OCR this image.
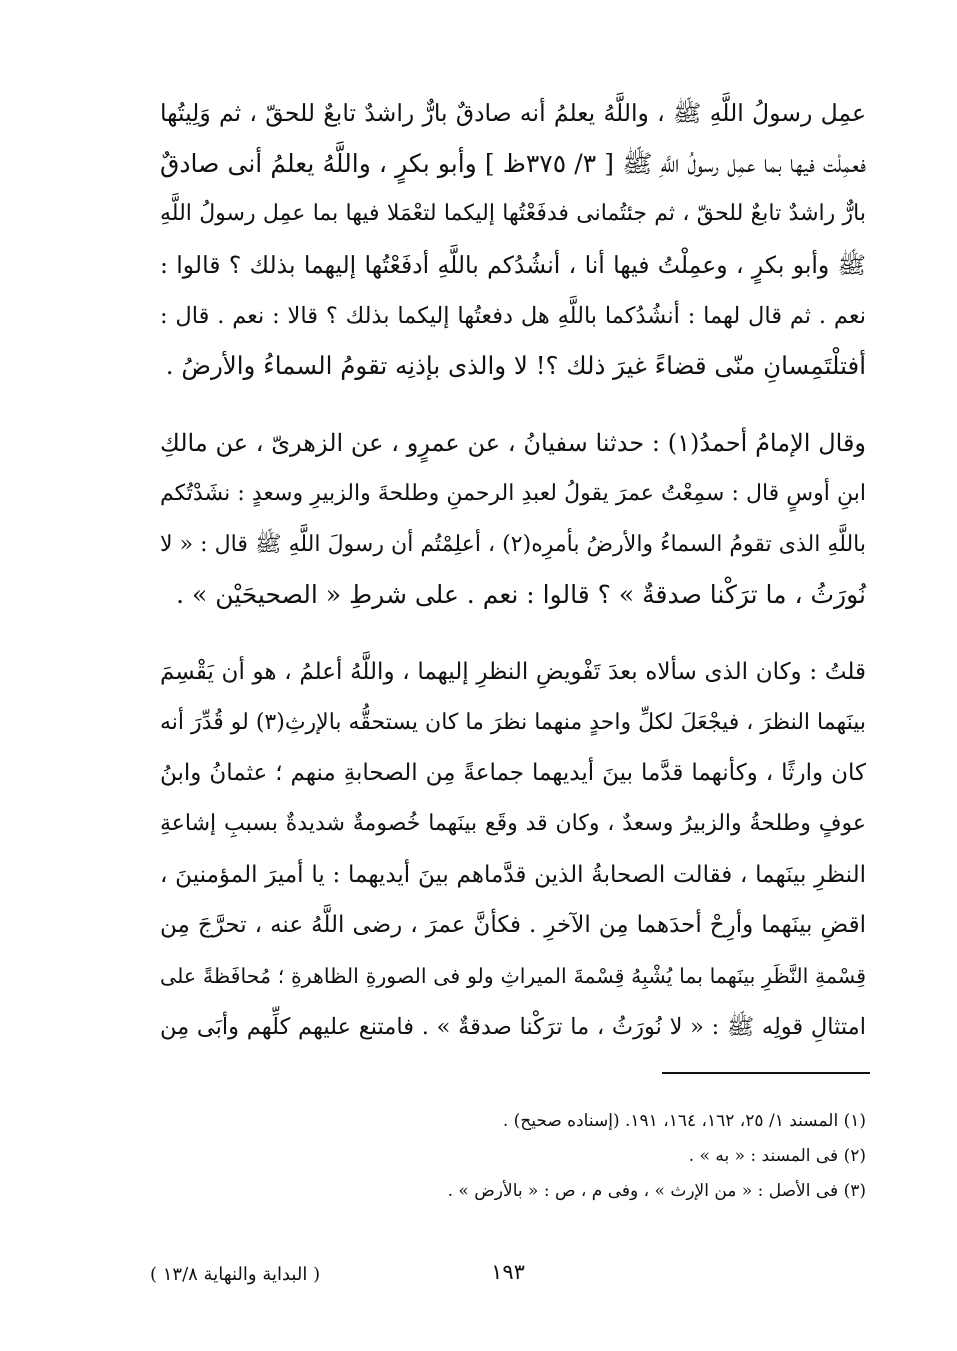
عمِل رسولُ اللَّهِ ﷺ ، واللَّهُ يعلمُ أنه صادقٌ بارٌّ راشدٌ تابعٌ للحقّ ، ثم وَلِيتُها
فعمِلْت فيها بما عمِل رسولُ اللَّهِ ﷺ [ ٣/ ٣٧٥ظ ] وأبو بكرٍ ، واللَّهُ يعلمُ أنى صادقٌ
بارٌّ راشدٌ تابعٌ للحقّ ، ثم جئتُمانى فدفَعْتُها إليكما لتعْمَلا فيها بما عمِل رسولُ اللَّهِ
ﷺ وأبو بكرٍ ، وعمِلْتُ فيها أنا ، أنشُدُكم باللَّهِ أدفَعْتُها إليهما بذلك ؟ قالوا :
نعم . ثم قال لهما : أنشُدُكما باللَّهِ هل دفعتُها إليكما بذلك ؟ قالا : نعم . قال :
أفتلْتَمِسانِ منّى قضاءً غيرَ ذلك ؟! لا والذى بإذنِه تقومُ السماءُ والأرضُ .
وقال الإمامُ أحمدُ(١) : حدثنا سفيانُ ، عن عمرٍو ، عن الزهرىّ ، عن مالكِ
ابنِ أوسٍ قال : سمِعْتُ عمرَ يقولُ لعبدِ الرحمنِ وطلحةَ والزبيرِ وسعدٍ : نشَدْتُكم
باللَّهِ الذى تقومُ السماءُ والأرضُ بأمرِه(٢) ، أعلِمْتُم أن رسولَ اللَّهِ ﷺ قال : « لا
نُورَثُ ، ما ترَكْنا صدقةٌ » ؟ قالوا : نعم . على شرطِ « الصحيحَيْن » .
قلتُ : وكان الذى سألاه بعدَ تَفْويضِ النظرِ إليهما ، واللَّهُ أعلمُ ، هو أن يَقْسِمَ
بينَهما النظرَ ، فيجْعَلَ لكلِّ واحدٍ منهما نظرَ ما كان يستحقُّه بالإرثِ(٣) لو قُدِّرَ أنه
كان وارثًا ، وكأنهما قدَّما بينَ أيديهما جماعةً مِن الصحابةِ منهم ؛ عثمانُ وابنُ
عوفٍ وطلحةُ والزبيرُ وسعدٌ ، وكان قد وقَع بينَهما خُصومةٌ شديدةٌ بسببِ إشاعةِ
النظرِ بينَهما ، فقالت الصحابةُ الذين قدَّماهم بينَ أيديهما : يا أميرَ المؤمنينَ ،
اقضِ بينَهما وأرِحْ أحدَهما مِن الآخرِ . فكأنَّ عمرَ ، رضى اللَّهُ عنه ، تحرَّجَ مِن
قِسْمةِ النَّظَرِ بينَهما بما يُشْبِهُ قِسْمةَ الميراثِ ولو فى الصورةِ الظاهرةِ ؛ مُحافَظةً على
امتثالِ قولِه ﷺ : « لا نُورَثُ ، ما ترَكْنا صدقةٌ » . فامتنع عليهم كلِّهم وأبَى مِن
(١) المسند ١/ ٢٥، ١٦٢، ١٦٤، ١٩١. (إسناده صحيح) .
(٢) فى المسند : « به » .
(٣) فى الأصل : « من الإرث » ، وفى م ، ص : « بالأرض » .
١٩٣
( البداية والنهاية ١٣/٨ )
